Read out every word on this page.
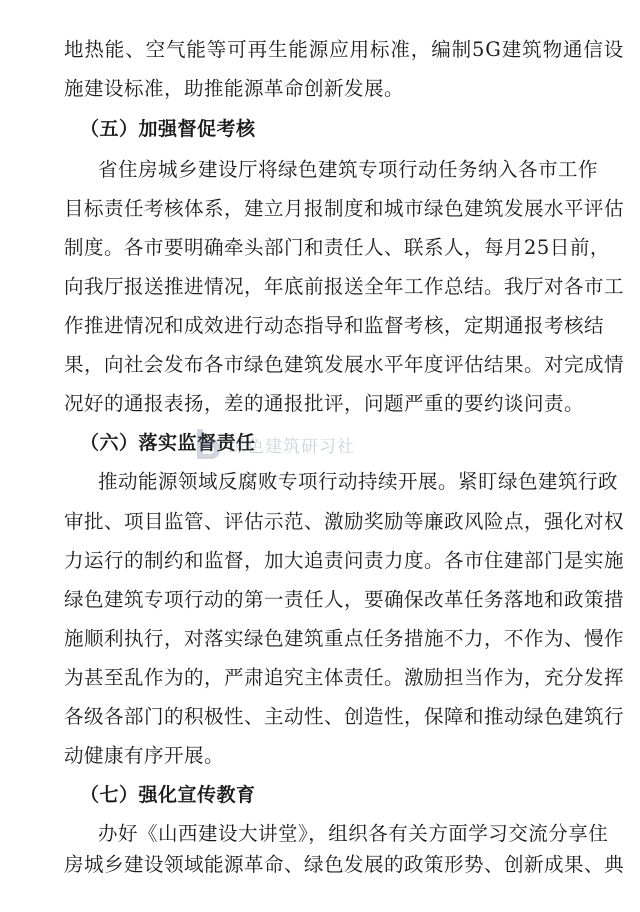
地热能、空气能等可再生能源应用标准，编制5G建筑物通信设
施建设标准，助推能源革命创新发展。
（五）加强督促考核
省住房城乡建设厅将绿色建筑专项行动任务纳入各市工作
目标责任考核体系，建立月报制度和城市绿色建筑发展水平评估
制度。各市要明确牵头部门和责任人、联系人，每月25日前，
向我厅报送推进情况，年底前报送全年工作总结。我厅对各市工
作推进情况和成效进行动态指导和监督考核，定期通报考核结
果，向社会发布各市绿色建筑发展水平年度评估结果。对完成情
况好的通报表扬，差的通报批评，问题严重的要约谈问责。
（六）落实监督责任
推动能源领域反腐败专项行动持续开展。紧盯绿色建筑行政
审批、项目监管、评估示范、激励奖励等廉政风险点，强化对权
力运行的制约和监督，加大追责问责力度。各市住建部门是实施
绿色建筑专项行动的第一责任人，要确保改革任务落地和政策措
施顺利执行，对落实绿色建筑重点任务措施不力，不作为、慢作
为甚至乱作为的，严肃追究主体责任。激励担当作为，充分发挥
各级各部门的积极性、主动性、创造性，保障和推动绿色建筑行
动健康有序开展。
（七）强化宣传教育
办好《山西建设大讲堂》，组织各有关方面学习交流分享住
房城乡建设领域能源革命、绿色发展的政策形势、创新成果、典
绿色建筑研习社
